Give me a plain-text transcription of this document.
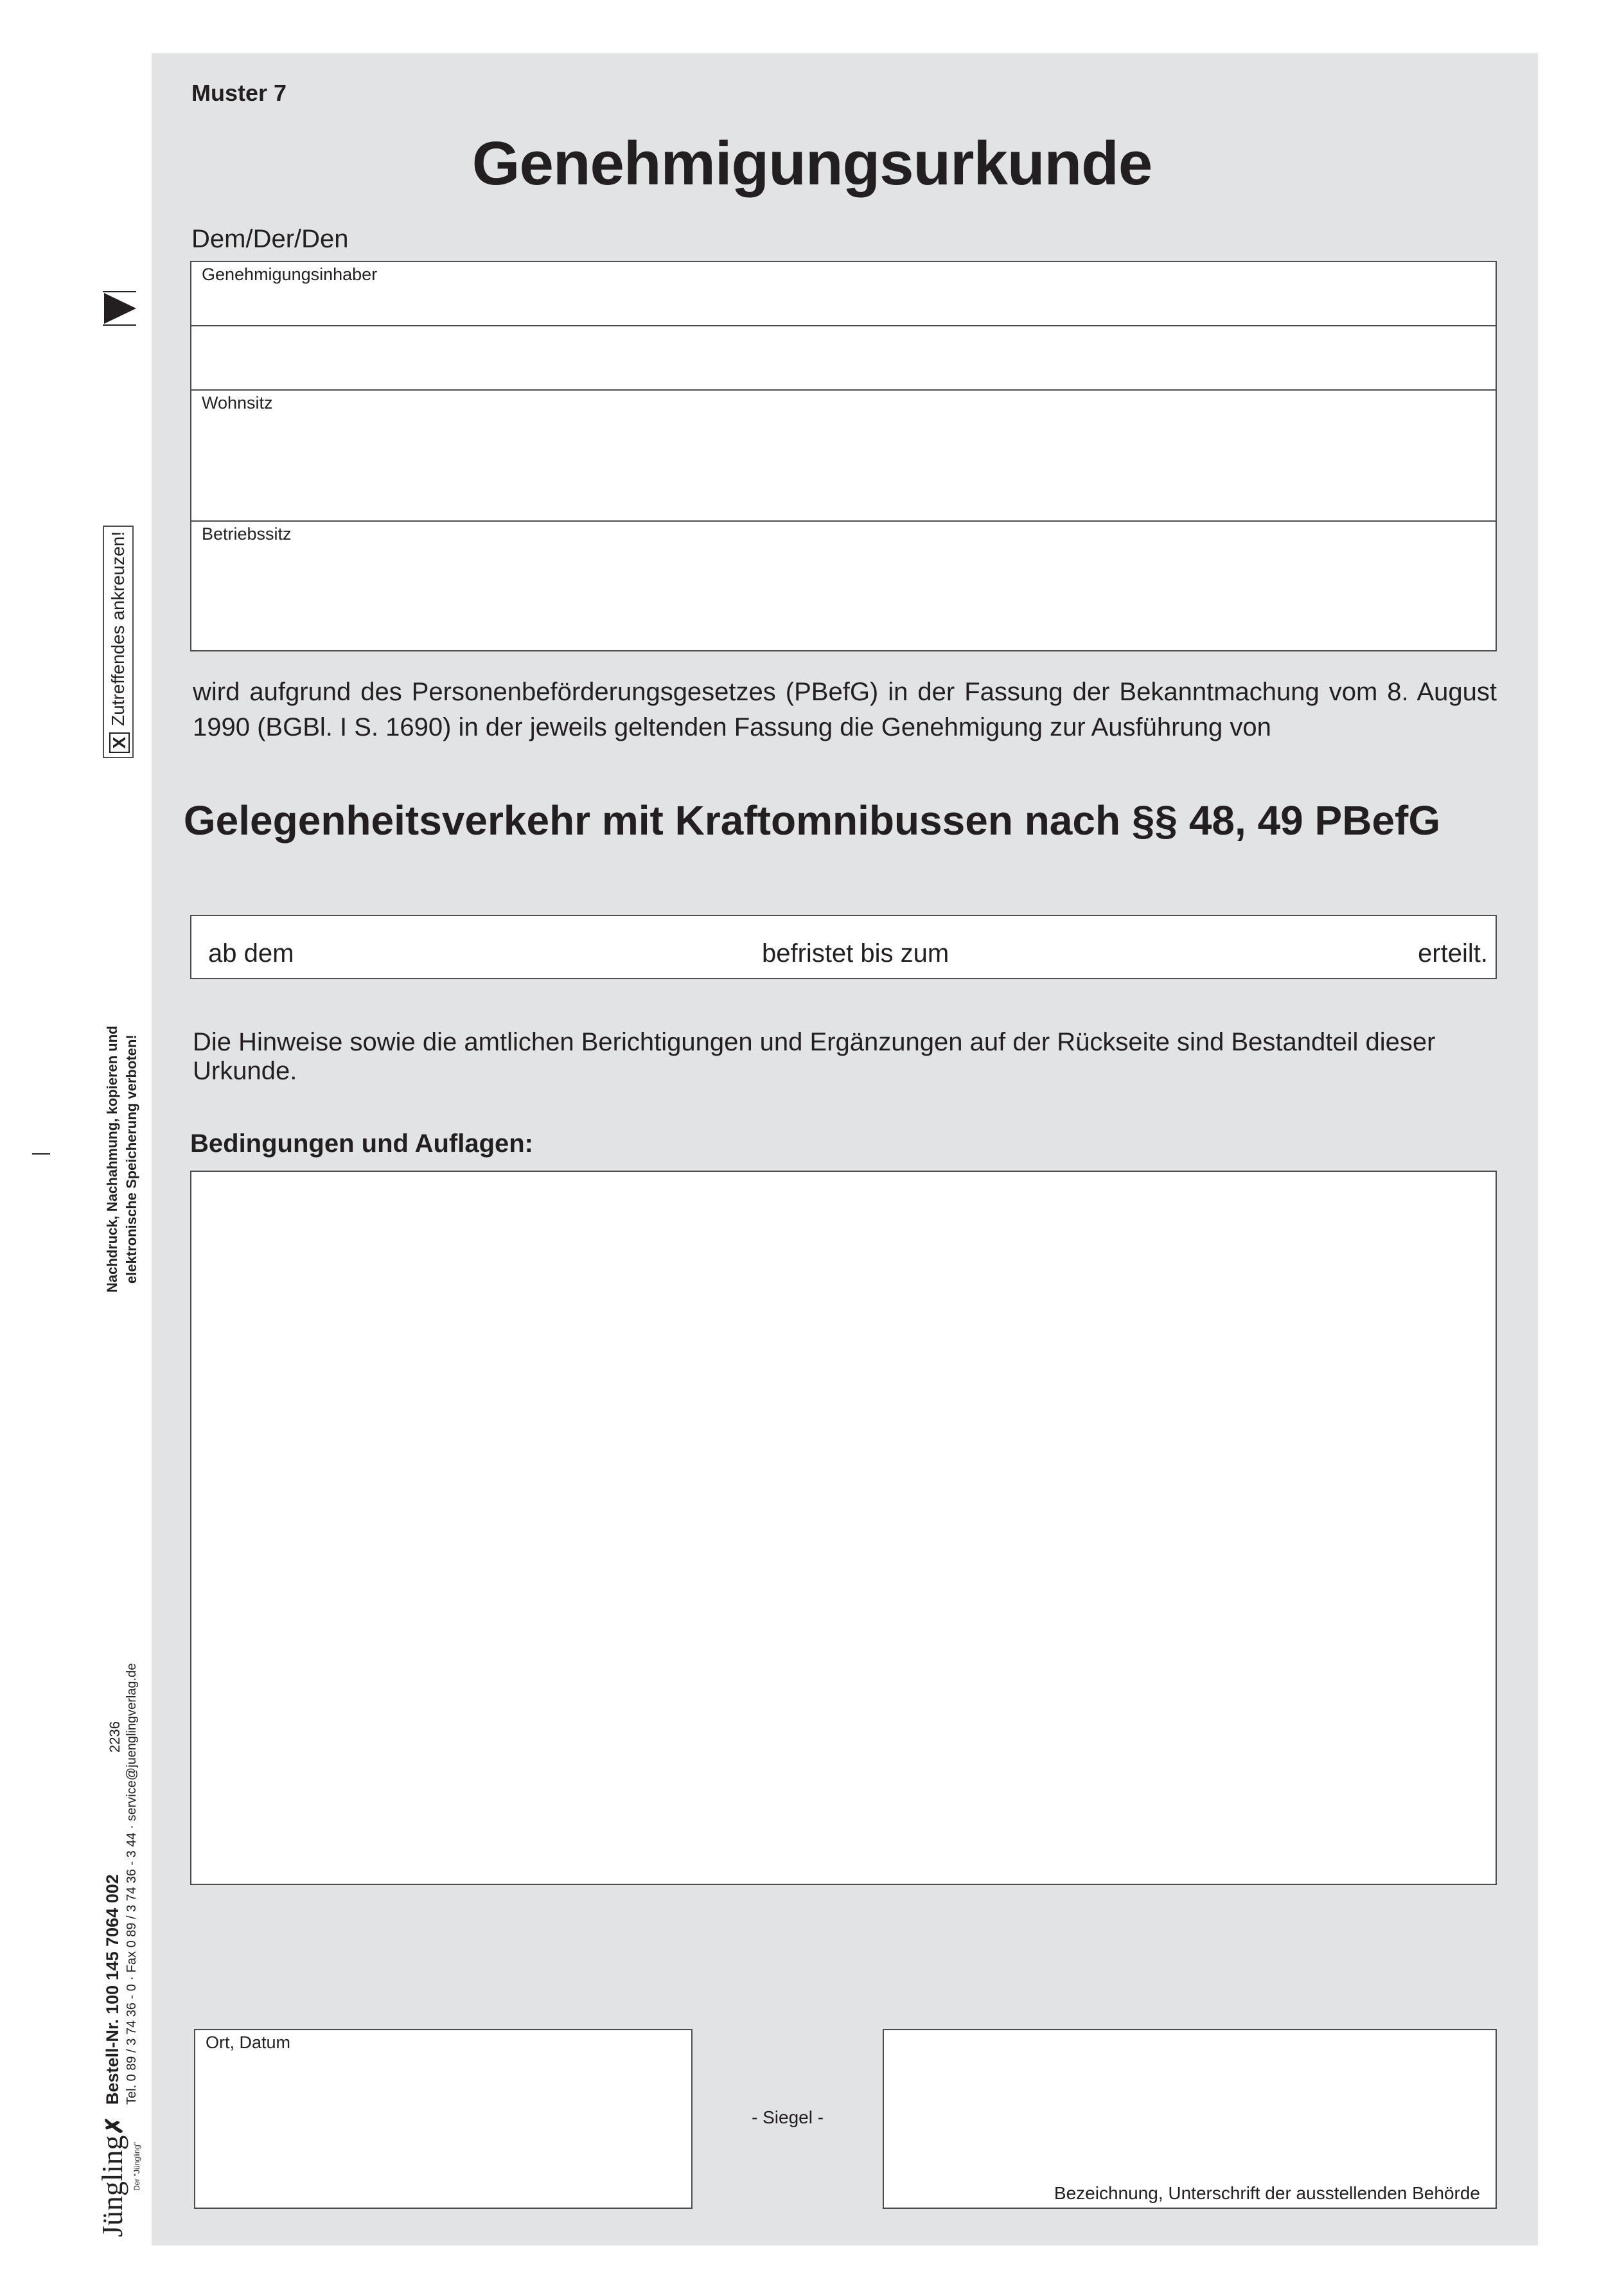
XZutreffendes ankreuzen!
Nachdruck, Nachahmung, kopieren und elektronische Speicherung verboten!
2236 Tel. 0 89 / 3 74 36 - 0 · Fax 0 89 / 3 74 36 - 3 44 · service@juenglingverlag.de
Bestell-Nr. 100 145 7064 002
Jüngling✗
Der "Jüngling"
Muster 7
Genehmigungsurkunde
Dem/Der/Den
Genehmigungsinhaber
Wohnsitz
Betriebssitz
wird aufgrund des Personenbeförderungsgesetzes (PBefG) in der Fassung der Bekanntmachung vom 8. August 1990 (BGBl. I S. 1690) in der jeweils geltenden Fassung die Genehmigung zur Ausführung von
Gelegenheitsverkehr mit Kraftomnibussen nach §§ 48, 49 PBefG
ab dem	befristet bis zum	erteilt.
Die Hinweise sowie die amtlichen Berichtigungen und Ergänzungen auf der Rückseite sind Bestandteil dieser Urkunde.
Bedingungen und Auflagen:
Ort, Datum
- Siegel -
Bezeichnung, Unterschrift der ausstellenden Behörde
